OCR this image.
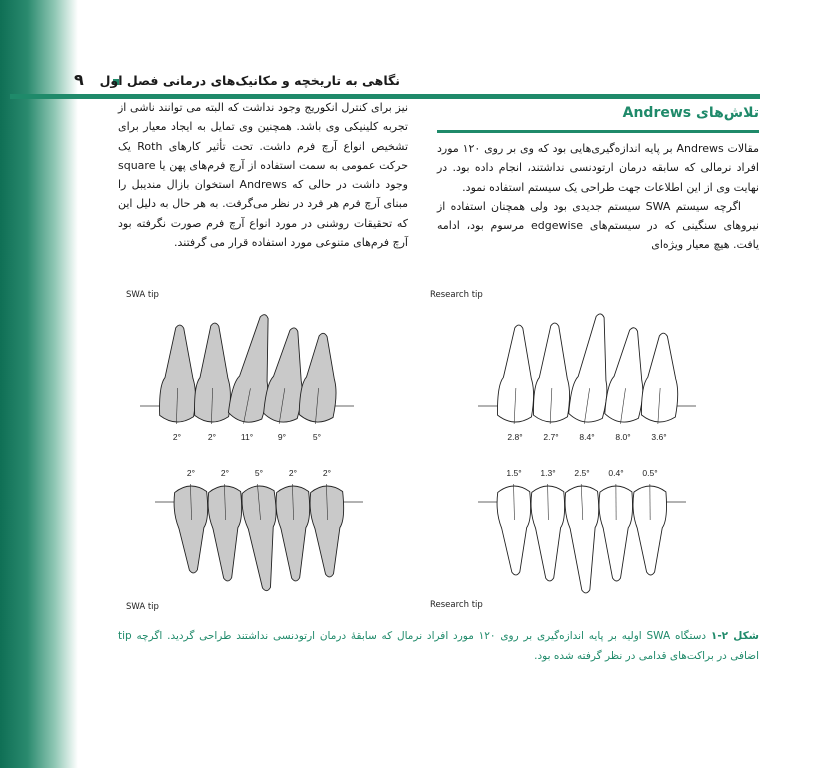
۹ نگاهی به تاریخچه و مکانیک‌های درمانی فصل اول
نیز برای کنترل انکوریج وجود نداشت که البته می توانند ناشی از تجربه کلینیکی وی باشد. همچنین وی تمایل به ایجاد معیار برای تشخیص انواع آرچ فرم داشت. تحت تأثیر کارهای Roth یک حرکت عمومی به سمت استفاده از آرچ فرم‌های پهن یا square وجود داشت در حالی که Andrews استخوان بازال مندیبل را مبنای آرچ فرم هر فرد در نظر می‌گرفت. به هر حال به دلیل این که تحقیقات روشنی در مورد انواع آرچ فرم صورت نگرفته بود آرچ فرم‌های متنوعی مورد استفاده قرار می گرفتند.
تلاش‌های Andrews
مقالات Andrews بر پایه اندازه‌گیری‌هایی بود که وی بر روی ۱۲۰ مورد افراد نرمالی که سابقه درمان ارتودنسی نداشتند، انجام داده بود. در نهایت وی از این اطلاعات جهت طراحی یک سیستم استفاده نمود.
اگرچه سیستم SWA سیستم جدیدی بود ولی همچنان استفاده از نیروهای سنگینی که در سیستم‌های edgewise مرسوم بود، ادامه یافت. هیچ معیار ویژه‌ای
2°	2°	11°	9°	5°
SWA tip
2.8° 2.7° 8.4° 8.0° 3.6°
Research tip
2°	2°	5°	2°	2°
SWA tip
1.5° 1.3° 2.5° 0.4° 0.5°
Research tip
شکل ۲-۱ دستگاه SWA اولیه بر پایه اندازه‌گیری بر روی ۱۲۰ مورد افراد نرمال که سابقهٔ درمان ارتودنسی نداشتند طراحی گردید. اگرچه tip اضافی در براکت‌های قدامی در نظر گرفته شده بود.
